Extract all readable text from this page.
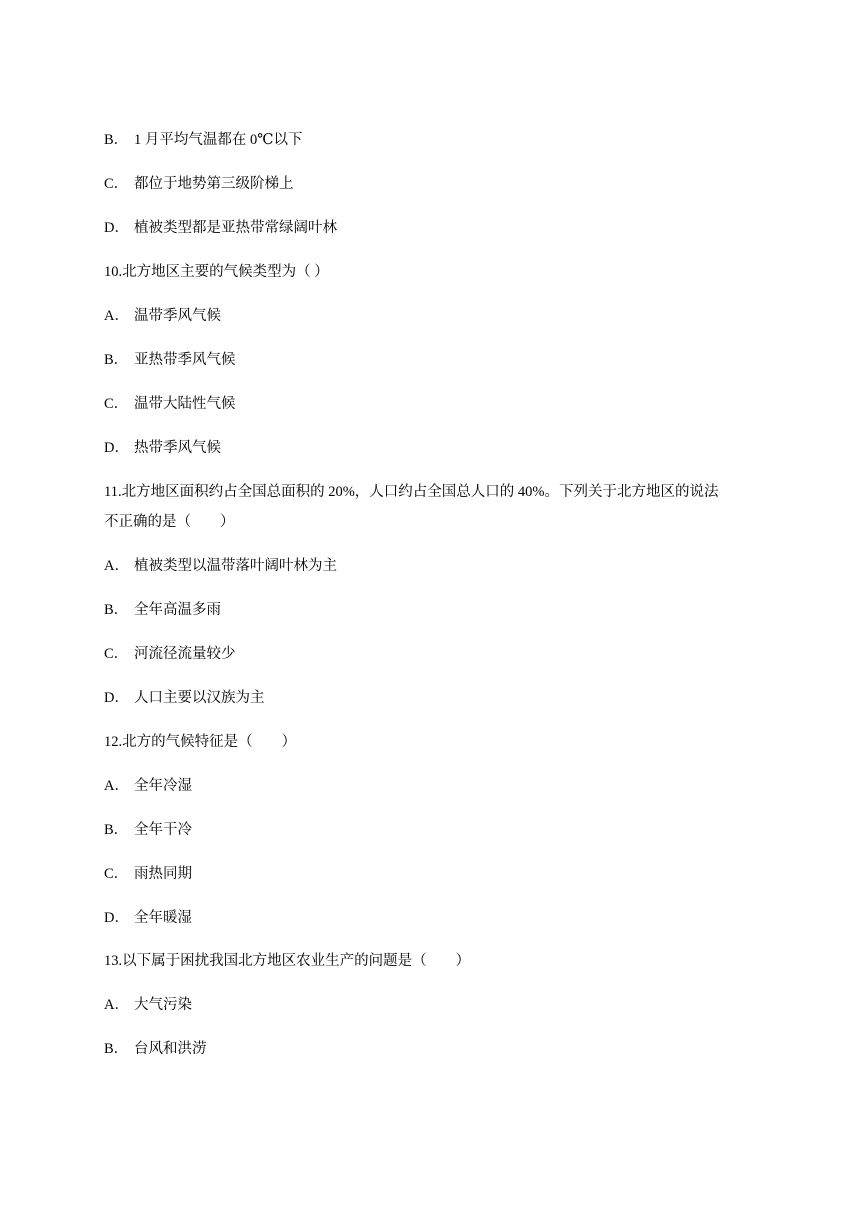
B． 1 月平均气温都在 0℃以下
C． 都位于地势第三级阶梯上
D． 植被类型都是亚热带常绿阔叶林
10.北方地区主要的气候类型为（ ）
A． 温带季风气候
B． 亚热带季风气候
C． 温带大陆性气候
D． 热带季风气候
11.北方地区面积约占全国总面积的 20%，人口约占全国总人口的 40%。下列关于北方地区的说法
不正确的是（　　）
A． 植被类型以温带落叶阔叶林为主
B． 全年高温多雨
C． 河流径流量较少
D． 人口主要以汉族为主
12.北方的气候特征是（　　）
A． 全年冷湿
B． 全年干冷
C． 雨热同期
D． 全年暖湿
13.以下属于困扰我国北方地区农业生产的问题是（　　）
A． 大气污染
B． 台风和洪涝
